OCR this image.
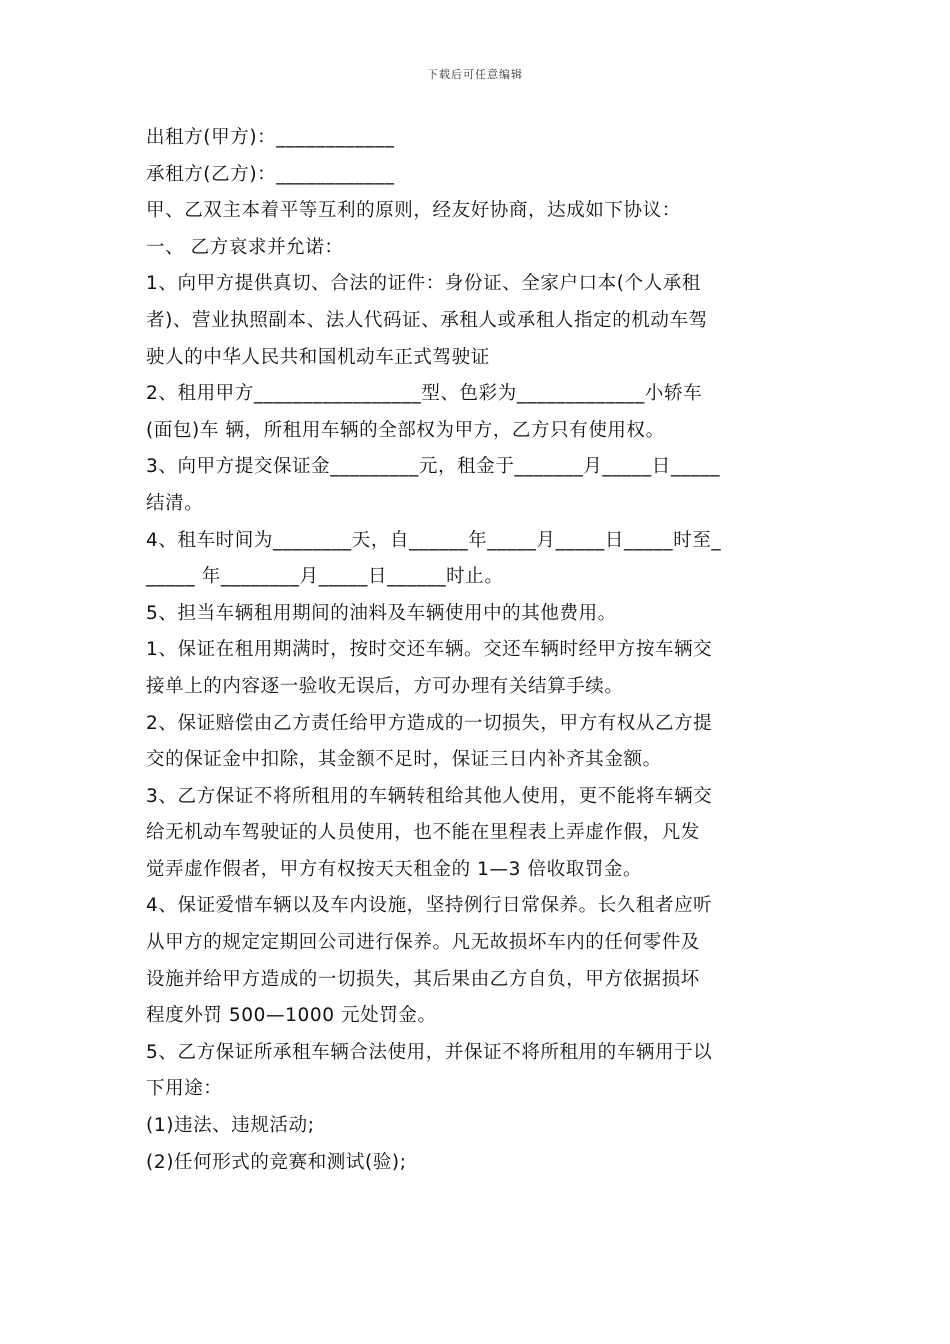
下载后可任意编辑
出租方(甲方)：____________
承租方(乙方)：____________
甲、乙双主本着平等互利的原则，经友好协商，达成如下协议：
一、 乙方哀求并允诺：
1、向甲方提供真切、合法的证件：身份证、全家户口本(个人承租
者)、营业执照副本、法人代码证、承租人或承租人指定的机动车驾
驶人的中华人民共和国机动车正式驾驶证
2、租用甲方_________________型、色彩为_____________小轿车
(面包)车 辆，所租用车辆的全部权为甲方，乙方只有使用权。
3、向甲方提交保证金_________元，租金于_______月_____日_____
结清。
4、租车时间为________天，自______年_____月_____日_____时至_
_____ 年________月_____日______时止。
5、担当车辆租用期间的油料及车辆使用中的其他费用。
1、保证在租用期满时，按时交还车辆。交还车辆时经甲方按车辆交
接单上的内容逐一验收无误后，方可办理有关结算手续。
2、保证赔偿由乙方责任给甲方造成的一切损失，甲方有权从乙方提
交的保证金中扣除，其金额不足时，保证三日内补齐其金额。
3、乙方保证不将所租用的车辆转租给其他人使用，更不能将车辆交
给无机动车驾驶证的人员使用，也不能在里程表上弄虚作假，凡发
觉弄虚作假者，甲方有权按天天租金的 1—3 倍收取罚金。
4、保证爱惜车辆以及车内设施，坚持例行日常保养。长久租者应听
从甲方的规定定期回公司进行保养。凡无故损坏车内的任何零件及
设施并给甲方造成的一切损失，其后果由乙方自负，甲方依据损坏
程度外罚 500—1000 元处罚金。
5、乙方保证所承租车辆合法使用，并保证不将所租用的车辆用于以
下用途：
(1)违法、违规活动;
(2)任何形式的竞赛和测试(验);
